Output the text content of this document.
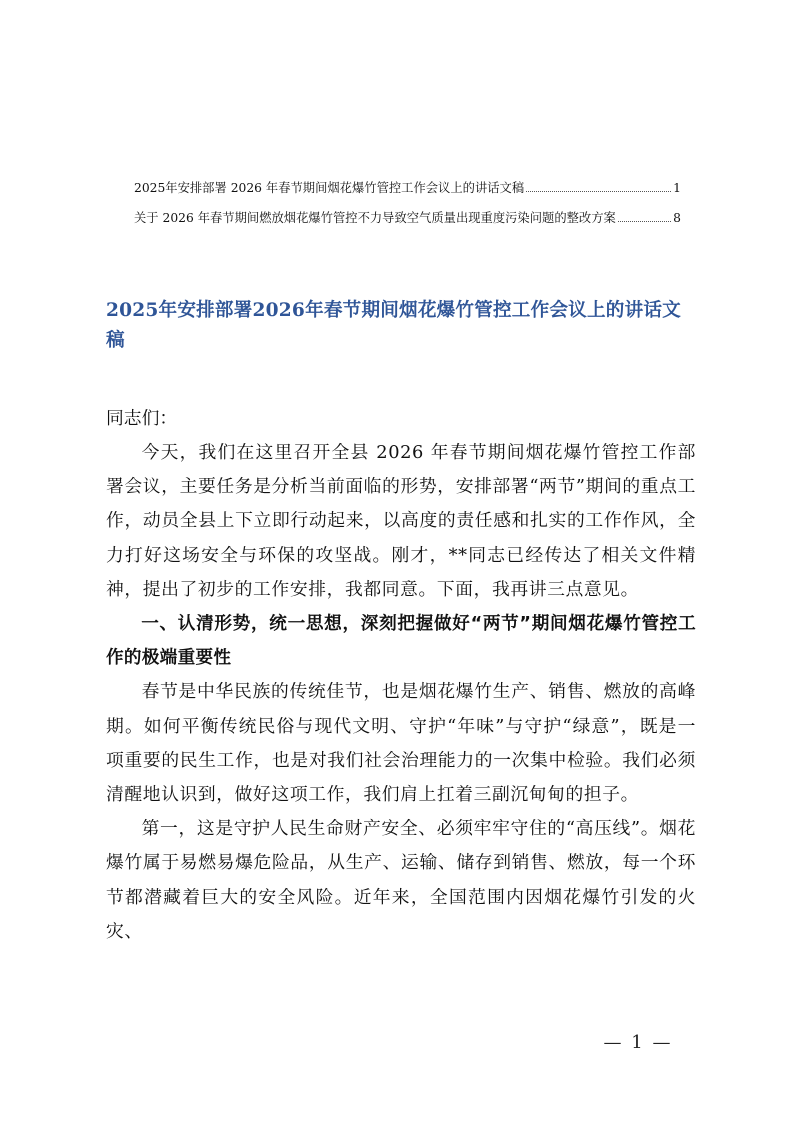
2025年安排部署 2026 年春节期间烟花爆竹管控工作会议上的讲话文稿	1
关于 2026 年春节期间燃放烟花爆竹管控不力导致空气质量出现重度污染问题的整改方案	8
2025年安排部署2026年春节期间烟花爆竹管控工作会议上的讲话文稿

同志们：

今天，我们在这里召开全县 2026 年春节期间烟花爆竹管控工作部署会议，主要任务是分析当前面临的形势，安排部署“两节”期间的重点工作，动员全县上下立即行动起来，以高度的责任感和扎实的工作作风，全力打好这场安全与环保的攻坚战。刚才，**同志已经传达了相关文件精神，提出了初步的工作安排，我都同意。下面，我再讲三点意见。

一、认清形势，统一思想，深刻把握做好“两节”期间烟花爆竹管控工作的极端重要性

春节是中华民族的传统佳节，也是烟花爆竹生产、销售、燃放的高峰期。如何平衡传统民俗与现代文明、守护“年味”与守护“绿意”，既是一项重要的民生工作，也是对我们社会治理能力的一次集中检验。我们必须清醒地认识到，做好这项工作，我们肩上扛着三副沉甸甸的担子。

第一，这是守护人民生命财产安全、必须牢牢守住的“高压线”。烟花爆竹属于易燃易爆危险品，从生产、运输、储存到销售、燃放，每一个环节都潜藏着巨大的安全风险。近年来，全国范围内因烟花爆竹引发的火灾、

— 1 —
